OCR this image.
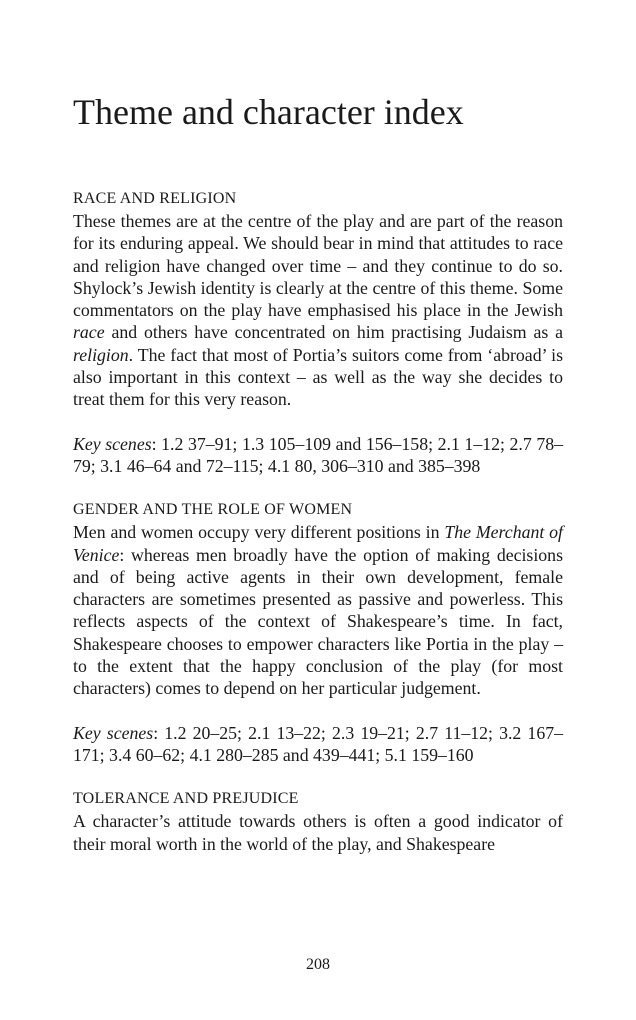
Theme and character index

RACE AND RELIGION

These themes are at the centre of the play and are part of the reason for its enduring appeal. We should bear in mind that attitudes to race and religion have changed over time – and they continue to do so. Shylock’s Jewish identity is clearly at the centre of this theme. Some commentators on the play have emphasised his place in the Jewish race and others have concentrated on him practising Judaism as a religion. The fact that most of Portia’s suitors come from ‘abroad’ is also important in this context – as well as the way she decides to treat them for this very reason.

Key scenes: 1.2 37–91; 1.3 105–109 and 156–158; 2.1 1–12; 2.7 78–79; 3.1 46–64 and 72–115; 4.1 80, 306–310 and 385–398

GENDER AND THE ROLE OF WOMEN

Men and women occupy very different positions in The Merchant of Venice: whereas men broadly have the option of making decisions and of being active agents in their own development, female characters are sometimes presented as passive and powerless. This reflects aspects of the context of Shakespeare’s time. In fact, Shakespeare chooses to empower characters like Portia in the play – to the extent that the happy conclusion of the play (for most characters) comes to depend on her particular judgement.

Key scenes: 1.2 20–25; 2.1 13–22; 2.3 19–21; 2.7 11–12; 3.2 167–171; 3.4 60–62; 4.1 280–285 and 439–441; 5.1 159–160

TOLERANCE AND PREJUDICE

A character’s attitude towards others is often a good indicator of their moral worth in the world of the play, and Shakespeare

208
